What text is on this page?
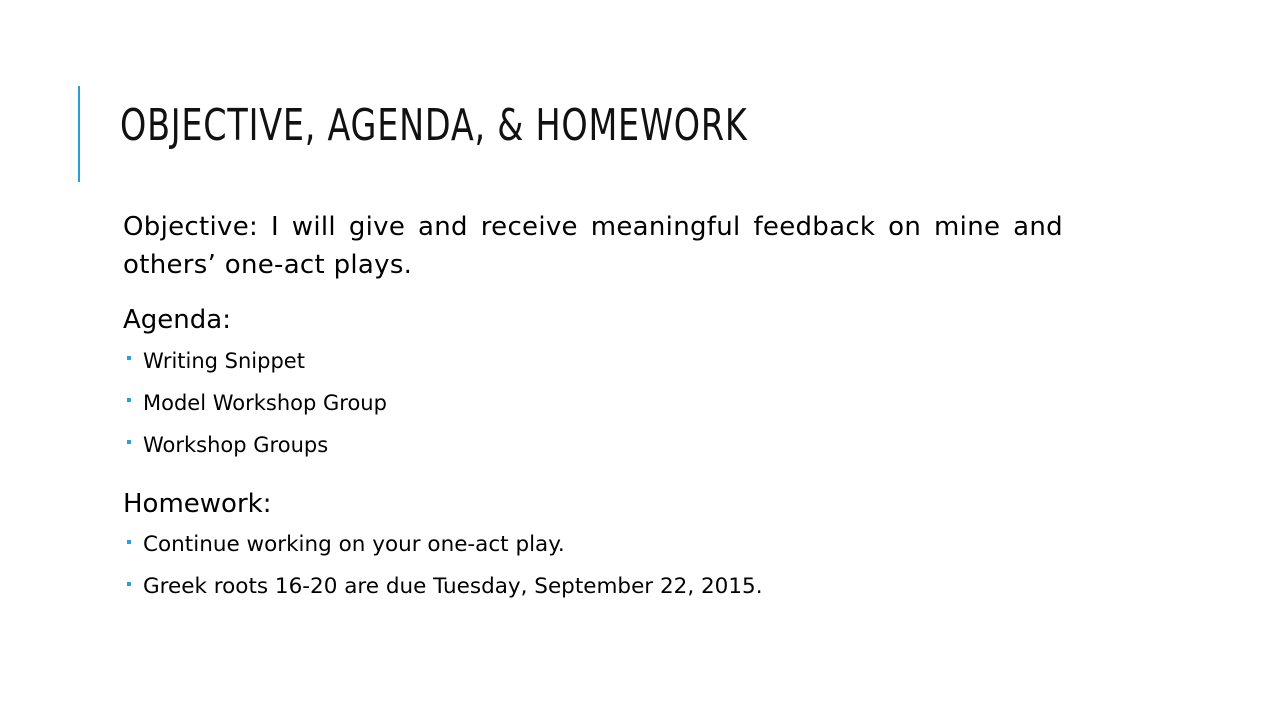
OBJECTIVE, AGENDA, & HOMEWORK

Objective: I will give and receive meaningful feedback on mine and others’ one-act plays.

Agenda:

Writing Snippet
Model Workshop Group
Workshop Groups

Homework:

Continue working on your one-act play.
Greek roots 16-20 are due Tuesday, September 22, 2015.
